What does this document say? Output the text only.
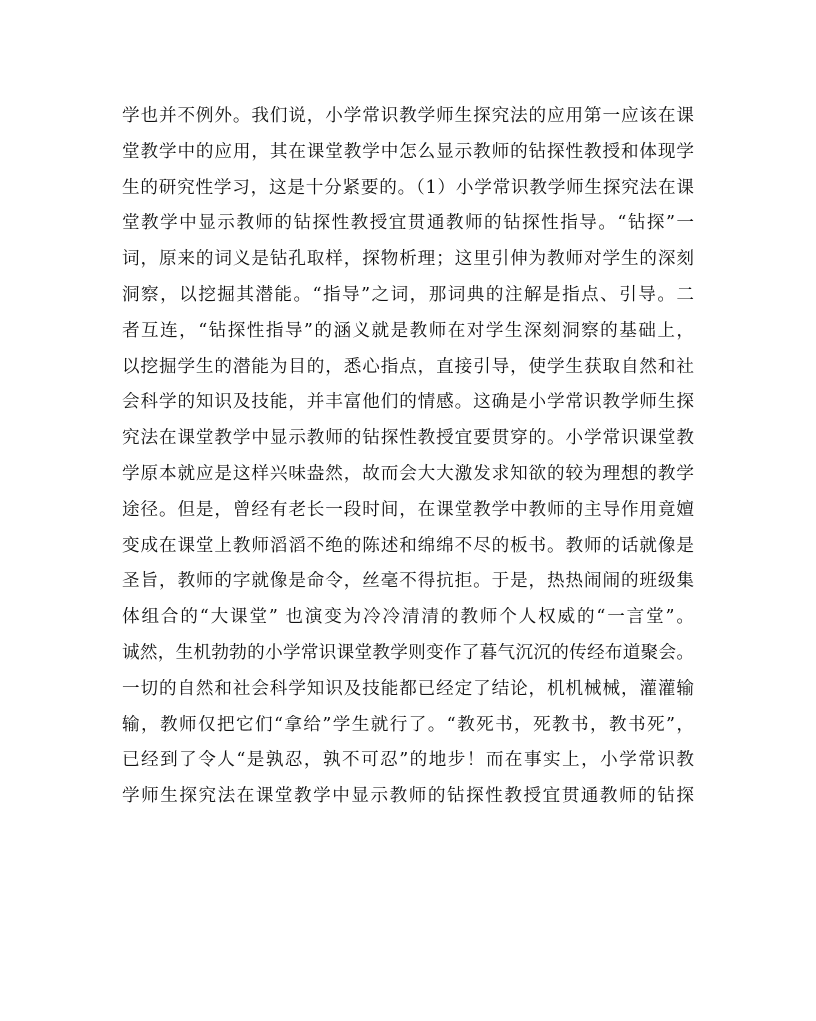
学也并不例外。我们说，小学常识教学师生探究法的应用第一应该在课
堂教学中的应用，其在课堂教学中怎么显示教师的钻探性教授和体现学
生的研究性学习，这是十分紧要的。（1）小学常识教学师生探究法在课
堂教学中显示教师的钻探性教授宜贯通教师的钻探性指导。“钻探”一
词，原来的词义是钻孔取样，探物析理；这里引伸为教师对学生的深刻
洞察，以挖掘其潜能。“指导”之词，那词典的注解是指点、引导。二
者互连，“钻探性指导”的涵义就是教师在对学生深刻洞察的基础上，
以挖掘学生的潜能为目的，悉心指点，直接引导，使学生获取自然和社
会科学的知识及技能，并丰富他们的情感。这确是小学常识教学师生探
究法在课堂教学中显示教师的钻探性教授宜要贯穿的。小学常识课堂教
学原本就应是这样兴味盎然，故而会大大激发求知欲的较为理想的教学
途径。但是，曾经有老长一段时间，在课堂教学中教师的主导作用竟嬗
变成在课堂上教师滔滔不绝的陈述和绵绵不尽的板书。教师的话就像是
圣旨，教师的字就像是命令，丝毫不得抗拒。于是，热热闹闹的班级集
体组合的“大课堂” 也演变为冷冷清清的教师个人权威的“一言堂”。
诚然，生机勃勃的小学常识课堂教学则变作了暮气沉沉的传经布道聚会。
一切的自然和社会科学知识及技能都已经定了结论，机机械械，灌灌输
输，教师仅把它们“拿给”学生就行了。“教死书，死教书，教书死”，
已经到了令人“是孰忍，孰不可忍”的地步！而在事实上，小学常识教
学师生探究法在课堂教学中显示教师的钻探性教授宜贯通教师的钻探
